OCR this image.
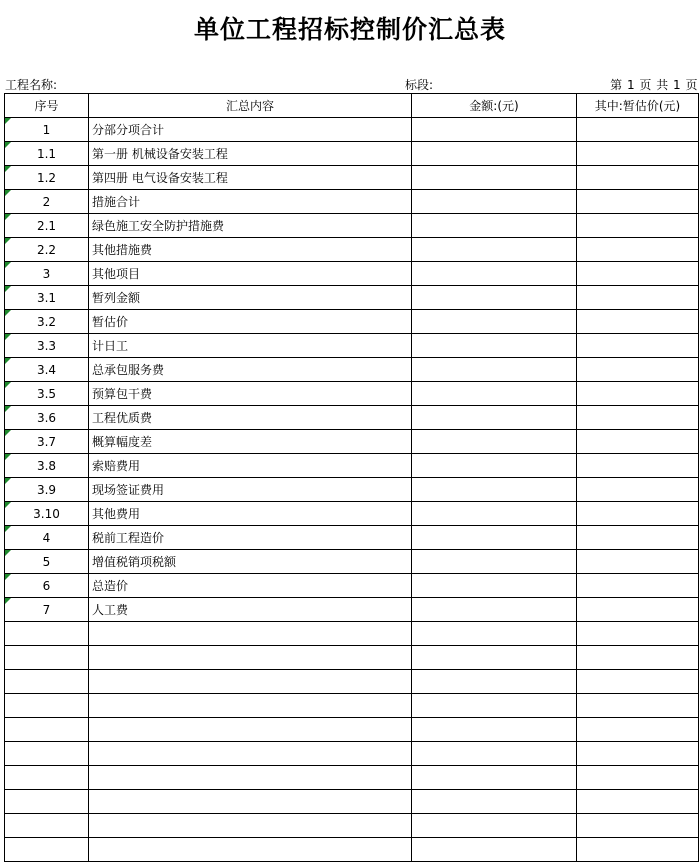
单位工程招标控制价汇总表
工程名称:	标段:	第 1 页 共 1 页
序号	汇总内容	金额:(元)	其中:暂估价(元)
1	分部分项合计		
1.1	第一册 机械设备安装工程		
1.2	第四册 电气设备安装工程		
2	措施合计		
2.1	绿色施工安全防护措施费		
2.2	其他措施费		
3	其他项目		
3.1	暂列金额		
3.2	暂估价		
3.3	计日工		
3.4	总承包服务费		
3.5	预算包干费		
3.6	工程优质费		
3.7	概算幅度差		
3.8	索赔费用		
3.9	现场签证费用		
3.10	其他费用		
4	税前工程造价		
5	增值税销项税额		
6	总造价		
7	人工费		
